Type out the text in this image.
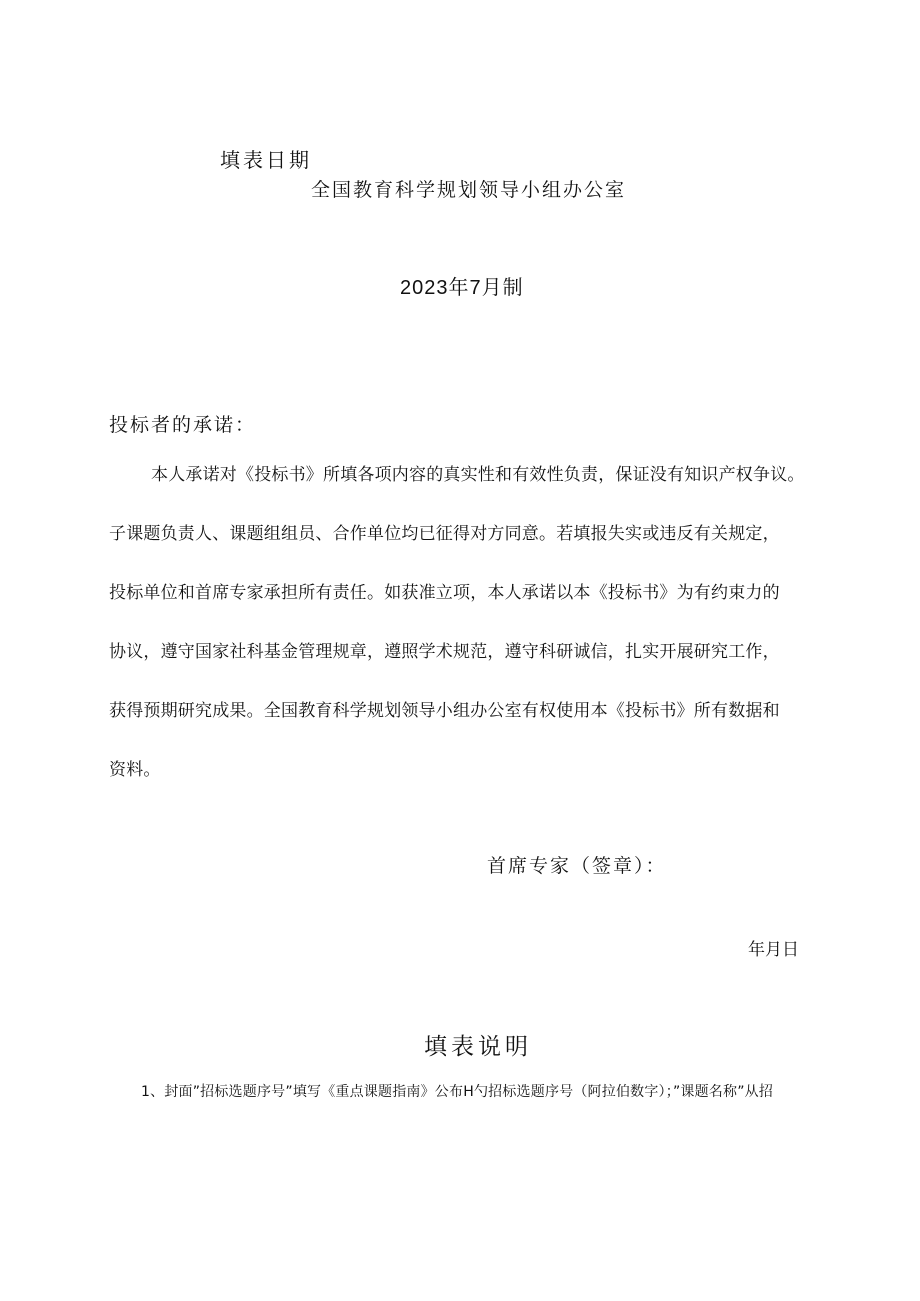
填表日期
全国教育科学规划领导小组办公室
2023年7月制
投标者的承诺：
本人承诺对《投标书》所填各项内容的真实性和有效性负责，保证没有知识产权争议。
子课题负责人、课题组组员、合作单位均已征得对方同意。若填报失实或违反有关规定，
投标单位和首席专家承担所有责任。如获准立项，本人承诺以本《投标书》为有约束力的
协议，遵守国家社科基金管理规章，遵照学术规范，遵守科研诚信，扎实开展研究工作，
获得预期研究成果。全国教育科学规划领导小组办公室有权使用本《投标书》所有数据和
资料。
首席专家（签章）：
年月日
填表说明
1、封面”招标选题序号”填写《重点课题指南》公布H勺招标选题序号（阿拉伯数字）；”课题名称”从招
